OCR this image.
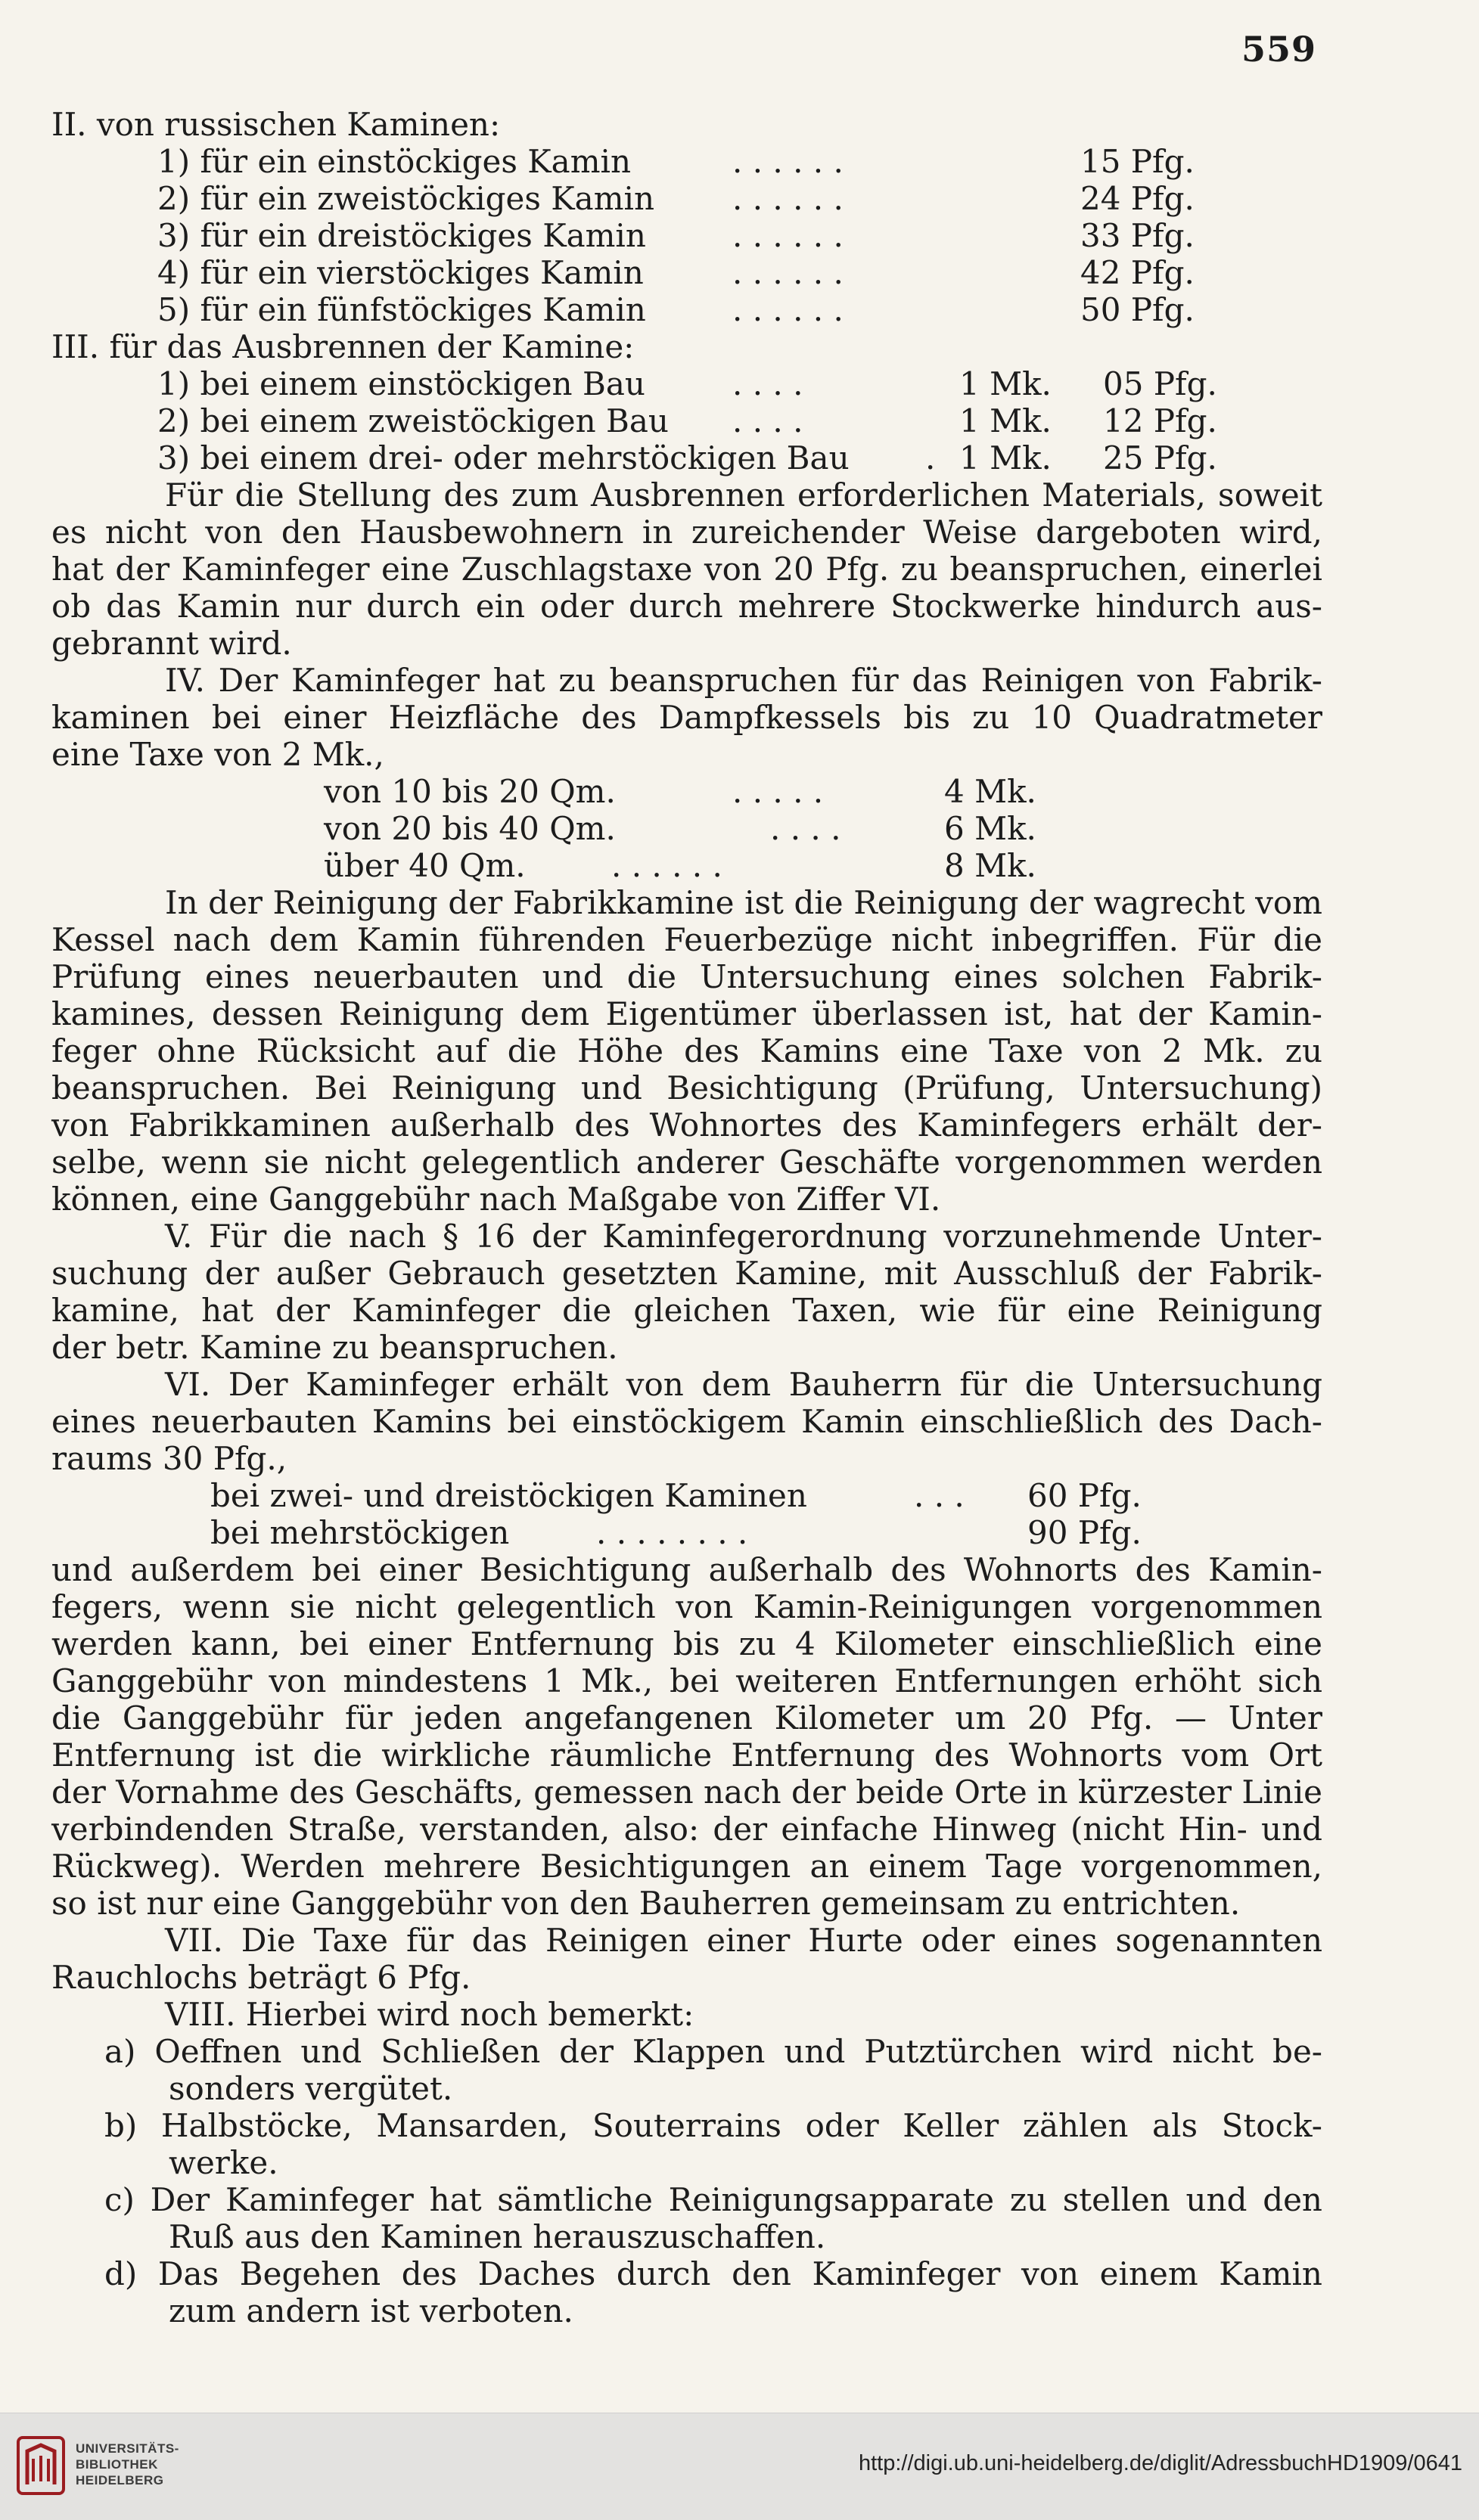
559
II. von russischen Kaminen:
1) für ein einstöckiges Kamin	. . . . . .	15 Pfg.
2) für ein zweistöckiges Kamin . . . . . .	24 Pfg.
3) für ein dreistöckiges Kamin	. . . . . .	33 Pfg.
4) für ein vierstöckiges Kamin	. . . . . .	42 Pfg.
5) für ein fünfstöckiges Kamin	. . . . . .	50 Pfg.
III. für das Ausbrennen der Kamine:
1) bei einem einstöckigen Bau	. . . .	1 Mk. 05 Pfg.
2) bei einem zweistöckigen Bau . . . .	1 Mk. 12 Pfg.
3) bei einem drei- oder mehrstöckigen Bau . 1 Mk. 25 Pfg.
Für die Stellung des zum Ausbrennen erforderlichen Materials, soweit
es nicht von den Hausbewohnern in zureichender Weise dargeboten wird,
hat der Kaminfeger eine Zuschlagstaxe von 20 Pfg. zu beanspruchen, einerlei
ob das Kamin nur durch ein oder durch mehrere Stockwerke hindurch aus-
gebrannt wird.
IV. Der Kaminfeger hat zu beanspruchen für das Reinigen von Fabrik-
kaminen bei einer Heizfläche des Dampfkessels bis zu 10 Quadratmeter
eine Taxe von 2 Mk.,
von 10 bis 20 Qm.	. . . . .	4 Mk.
von 20 bis 40 Qm.	. . . .	6 Mk.
über 40 Qm.	. . . . . .	8 Mk.
In der Reinigung der Fabrikkamine ist die Reinigung der wagrecht vom
Kessel nach dem Kamin führenden Feuerbezüge nicht inbegriffen. Für die
Prüfung eines neuerbauten und die Untersuchung eines solchen Fabrik-
kamines, dessen Reinigung dem Eigentümer überlassen ist, hat der Kamin-
feger ohne Rücksicht auf die Höhe des Kamins eine Taxe von 2 Mk. zu
beanspruchen. Bei Reinigung und Besichtigung (Prüfung, Untersuchung)
von Fabrikkaminen außerhalb des Wohnortes des Kaminfegers erhält der-
selbe, wenn sie nicht gelegentlich anderer Geschäfte vorgenommen werden
können, eine Ganggebühr nach Maßgabe von Ziffer VI.
V. Für die nach § 16 der Kaminfegerordnung vorzunehmende Unter-
suchung der außer Gebrauch gesetzten Kamine, mit Ausschluß der Fabrik-
kamine, hat der Kaminfeger die gleichen Taxen, wie für eine Reinigung
der betr. Kamine zu beanspruchen.
VI. Der Kaminfeger erhält von dem Bauherrn für die Untersuchung
eines neuerbauten Kamins bei einstöckigem Kamin einschließlich des Dach-
raums 30 Pfg.,
bei zwei- und dreistöckigen Kaminen	. . . 60 Pfg.
bei mehrstöckigen	. . . . . . . .	90 Pfg.
und außerdem bei einer Besichtigung außerhalb des Wohnorts des Kamin-
fegers, wenn sie nicht gelegentlich von Kamin-Reinigungen vorgenommen
werden kann, bei einer Entfernung bis zu 4 Kilometer einschließlich eine
Ganggebühr von mindestens 1 Mk., bei weiteren Entfernungen erhöht sich
die Ganggebühr für jeden angefangenen Kilometer um 20 Pfg. — Unter
Entfernung ist die wirkliche räumliche Entfernung des Wohnorts vom Ort
der Vornahme des Geschäfts, gemessen nach der beide Orte in kürzester Linie
verbindenden Straße, verstanden, also: der einfache Hinweg (nicht Hin- und
Rückweg). Werden mehrere Besichtigungen an einem Tage vorgenommen,
so ist nur eine Ganggebühr von den Bauherren gemeinsam zu entrichten.
VII. Die Taxe für das Reinigen einer Hurte oder eines sogenannten
Rauchlochs beträgt 6 Pfg.
VIII. Hierbei wird noch bemerkt:
a) Oeffnen und Schließen der Klappen und Putztürchen wird nicht be-
sonders vergütet.
b) Halbstöcke, Mansarden, Souterrains oder Keller zählen als Stock-
werke.
c) Der Kaminfeger hat sämtliche Reinigungsapparate zu stellen und den
Ruß aus den Kaminen herauszuschaffen.
d) Das Begehen des Daches durch den Kaminfeger von einem Kamin
zum andern ist verboten.
UNIVERSITÄTS-
BIBLIOTHEK
HEIDELBERG
http://digi.ub.uni-heidelberg.de/diglit/AdressbuchHD1909/0641
